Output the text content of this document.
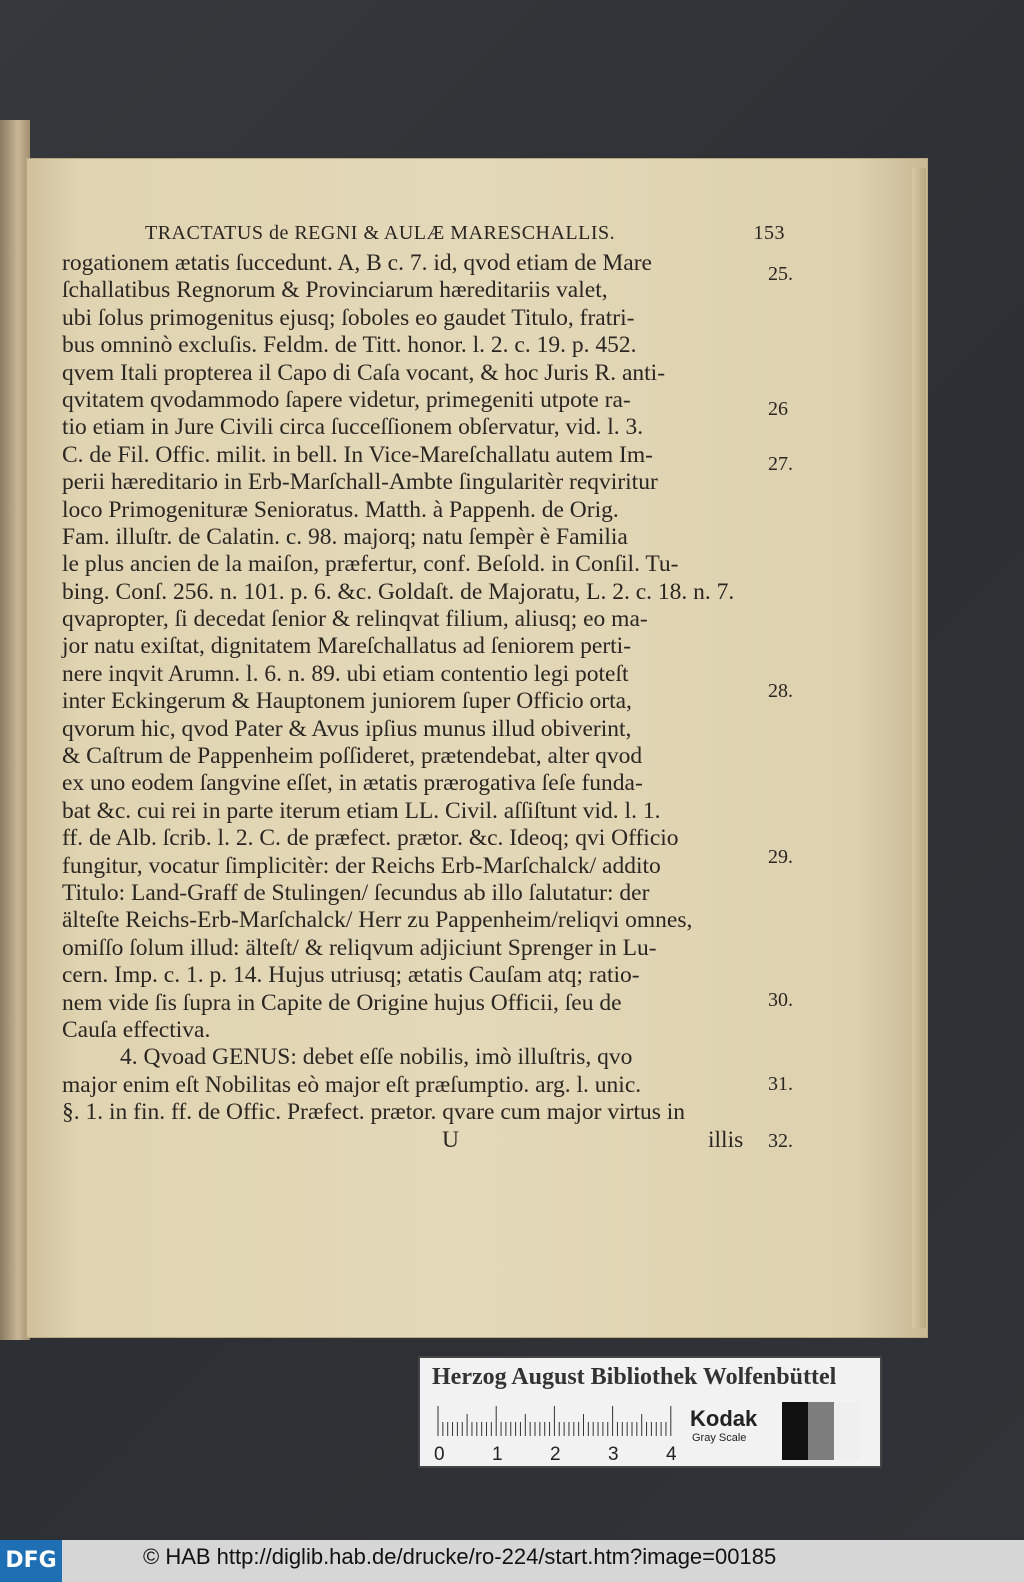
TRACTATUS de REGNI & AULÆ MARESCHALLIS.	153
rogationem ætatis ſuccedunt. A, B c. 7. id, qvod etiam de Mare
ſchallatibus Regnorum & Provinciarum hæreditariis valet,
ubi ſolus primogenitus ejusq; ſoboles eo gaudet Titulo, fratri-
bus omninò excluſis. Feldm. de Titt. honor. l. 2. c. 19. p. 452.
qvem Itali propterea il Capo di Caſa vocant, & hoc Juris R. anti-
qvitatem qvodammodo ſapere videtur, primegeniti utpote ra-
tio etiam in Jure Civili circa ſucceſſionem obſervatur, vid. l. 3.
C. de Fil. Offic. milit. in bell. In Vice-Mareſchallatu autem Im-
perii hæreditario in Erb-Marſchall-Ambte ſingularitèr reqviritur
loco Primogenituræ Senioratus. Matth. à Pappenh. de Orig.
Fam. illuſtr. de Calatin. c. 98. majorq; natu ſempèr è Familia
le plus ancien de la maiſon, præfertur, conf. Beſold. in Conſil. Tu-
bing. Conſ. 256. n. 101. p. 6. &c. Goldaſt. de Majoratu, L. 2. c. 18. n. 7.
qvapropter, ſi decedat ſenior & relinqvat filium, aliusq; eo ma-
jor natu exiſtat, dignitatem Mareſchallatus ad ſeniorem perti-
nere inqvit Arumn. l. 6. n. 89. ubi etiam contentio legi poteſt
inter Eckingerum & Hauptonem juniorem ſuper Officio orta,
qvorum hic, qvod Pater & Avus ipſius munus illud obiverint,
& Caſtrum de Pappenheim poſſideret, prætendebat, alter qvod
ex uno eodem ſangvine eſſet, in ætatis prærogativa ſeſe funda-
bat &c. cui rei in parte iterum etiam LL. Civil. aſſiſtunt vid. l. 1.
ff. de Alb. ſcrib. l. 2. C. de præfect. prætor. &c. Ideoq; qvi Officio
fungitur, vocatur ſimplicitèr: der Reichs Erb-Marſchalck/ addito
Titulo: Land-Graff de Stulingen/ ſecundus ab illo ſalutatur: der
älteſte Reichs-Erb-Marſchalck/ Herr zu Pappenheim/reliqvi omnes,
omiſſo ſolum illud: älteſt/ & reliqvum adjiciunt Sprenger in Lu-
cern. Imp. c. 1. p. 14. Hujus utriusq; ætatis Cauſam atq; ratio-
nem vide ſis ſupra in Capite de Origine hujus Officii, ſeu de
Cauſa effectiva.
4. Qvoad GENUS: debet eſſe nobilis, imò illuſtris, qvo
major enim eſt Nobilitas eò major eſt præſumptio. arg. l. unic.
§. 1. in fin. ff. de Offic. Præfect. prætor. qvare cum major virtus in
U	illis
25.
26
27.
28.
29.
30.
31.
32.
Herzog August Bibliothek Wolfenbüttel
0 1 2 3 4
Kodak
Gray Scale
DFG	© HAB http://diglib.hab.de/drucke/ro-224/start.htm?image=00185
